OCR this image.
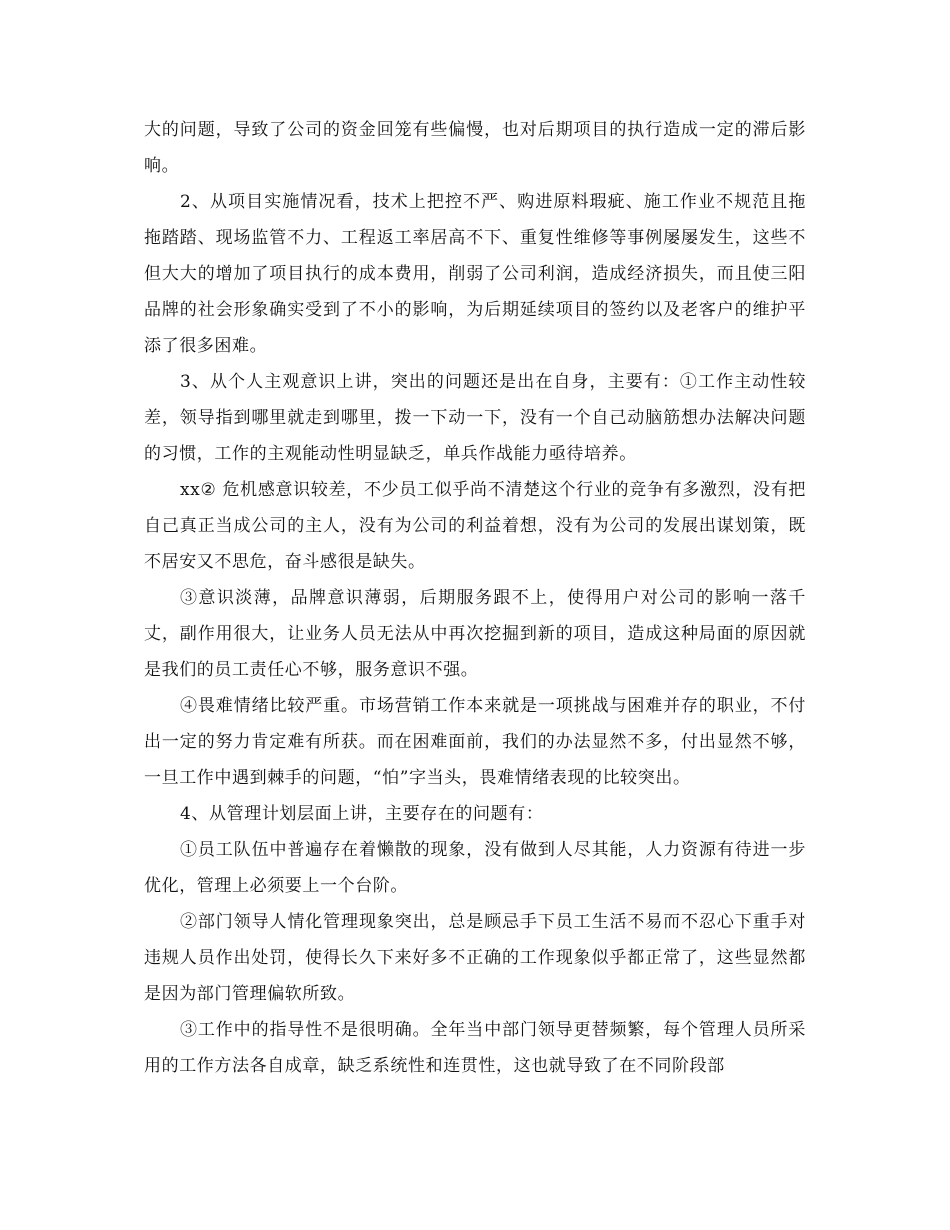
大的问题，导致了公司的资金回笼有些偏慢，也对后期项目的执行造成一定的滞后影响。

2、从项目实施情况看，技术上把控不严、购进原料瑕疵、施工作业不规范且拖拖踏踏、现场监管不力、工程返工率居高不下、重复性维修等事例屡屡发生，这些不但大大的增加了项目执行的成本费用，削弱了公司利润，造成经济损失，而且使三阳品牌的社会形象确实受到了不小的影响，为后期延续项目的签约以及老客户的维护平添了很多困难。

3、从个人主观意识上讲，突出的问题还是出在自身，主要有：①工作主动性较差，领导指到哪里就走到哪里，拨一下动一下，没有一个自己动脑筋想办法解决问题的习惯，工作的主观能动性明显缺乏，单兵作战能力亟待培养。

xx② 危机感意识较差，不少员工似乎尚不清楚这个行业的竞争有多激烈，没有把自己真正当成公司的主人，没有为公司的利益着想，没有为公司的发展出谋划策，既不居安又不思危，奋斗感很是缺失。

③意识淡薄，品牌意识薄弱，后期服务跟不上，使得用户对公司的影响一落千丈，副作用很大，让业务人员无法从中再次挖掘到新的项目，造成这种局面的原因就是我们的员工责任心不够，服务意识不强。

④畏难情绪比较严重。市场营销工作本来就是一项挑战与困难并存的职业，不付出一定的努力肯定难有所获。而在困难面前，我们的办法显然不多，付出显然不够，一旦工作中遇到棘手的问题，“怕”字当头，畏难情绪表现的比较突出。

4、从管理计划层面上讲，主要存在的问题有：

①员工队伍中普遍存在着懒散的现象，没有做到人尽其能，人力资源有待进一步优化，管理上必须要上一个台阶。

②部门领导人情化管理现象突出，总是顾忌手下员工生活不易而不忍心下重手对违规人员作出处罚，使得长久下来好多不正确的工作现象似乎都正常了，这些显然都是因为部门管理偏软所致。

③工作中的指导性不是很明确。全年当中部门领导更替频繁，每个管理人员所采用的工作方法各自成章，缺乏系统性和连贯性，这也就导致了在不同阶段部
